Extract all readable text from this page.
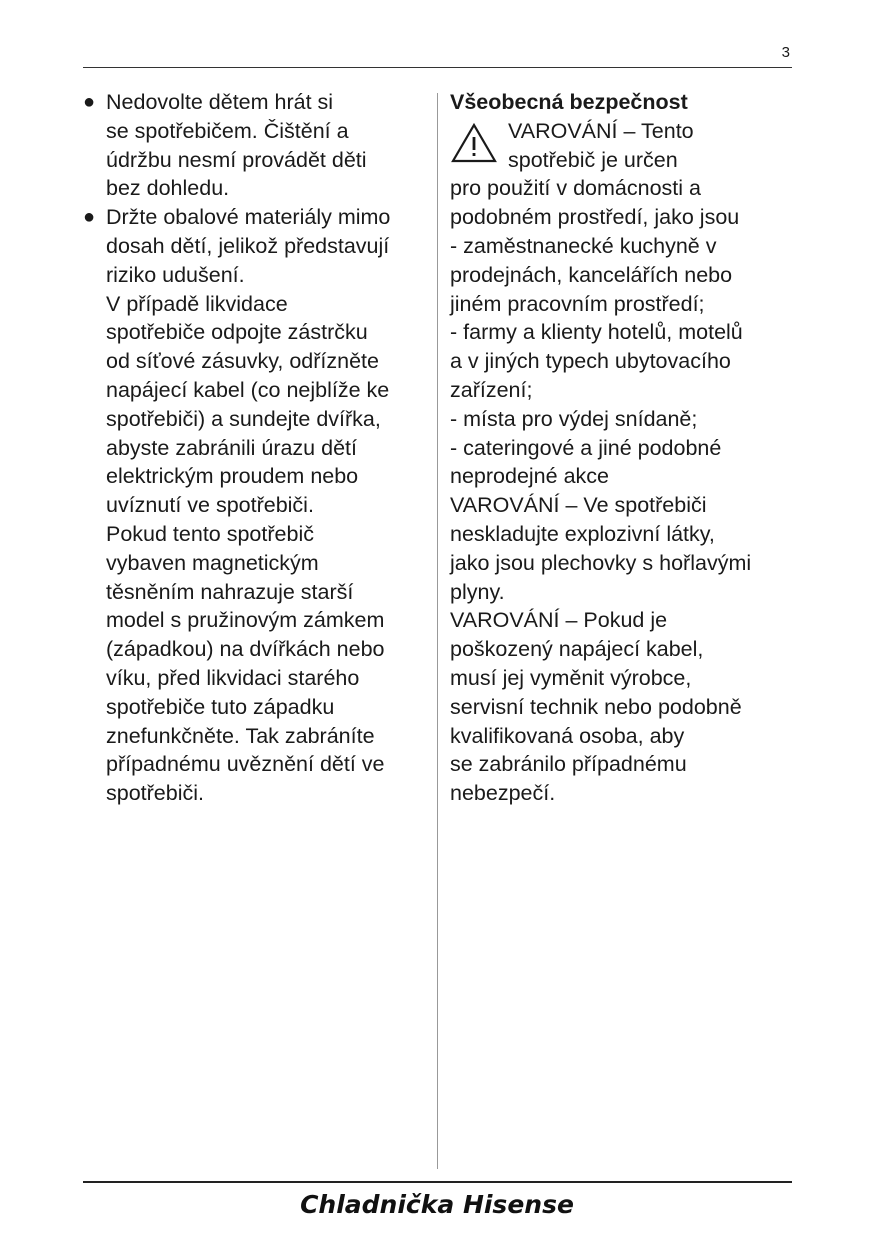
3
● Nedovolte dětem hrát si
se spotřebičem. Čištění a
údržbu nesmí provádět děti
bez dohledu.
● Držte obalové materiály mimo
dosah dětí, jelikož představují
riziko udušení.
V případě likvidace
spotřebiče odpojte zástrčku
od síťové zásuvky, odřízněte
napájecí kabel (co nejblíže ke
spotřebiči) a sundejte dvířka,
abyste zabránili úrazu dětí
elektrickým proudem nebo
uvíznutí ve spotřebiči.
Pokud tento spotřebič
vybaven magnetickým
těsněním nahrazuje starší
model s pružinovým zámkem
(západkou) na dvířkách nebo
víku, před likvidaci starého
spotřebiče tuto západku
znefunkčněte. Tak zabráníte
případnému uvěznění dětí ve
spotřebiči.
Všeobecná bezpečnost
VAROVÁNÍ – Tento
spotřebič je určen
pro použití v domácnosti a
podobném prostředí, jako jsou
- zaměstnanecké kuchyně v
prodejnách, kancelářích nebo
jiném pracovním prostředí;
- farmy a klienty hotelů, motelů
a v jiných typech ubytovacího
zařízení;
- místa pro výdej snídaně;
- cateringové a jiné podobné
neprodejné akce
VAROVÁNÍ – Ve spotřebiči
neskladujte explozivní látky,
jako jsou plechovky s hořlavými
plyny.
VAROVÁNÍ – Pokud je
poškozený napájecí kabel,
musí jej vyměnit výrobce,
servisní technik nebo podobně
kvalifikovaná osoba, aby
se zabránilo případnému
nebezpečí.
Chladnička Hisense
